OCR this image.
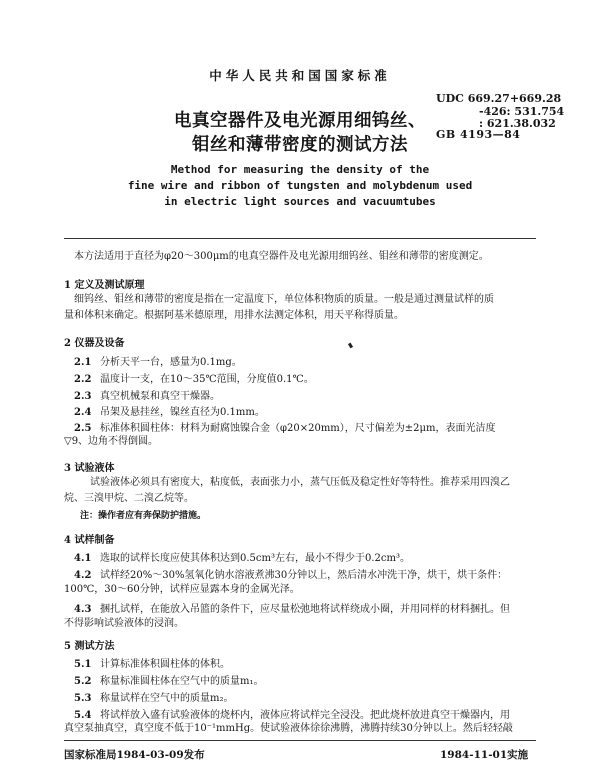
中华人民共和国国家标准
UDC 669.27+669.28
-426: 531.754
: 621.38.032
GB 4193—84
电真空器件及电光源用细钨丝、
钼丝和薄带密度的测试方法
Method for measuring the density of the
fine wire and ribbon of tungsten and molybdenum used
in electric light sources and vacuumtubes
本方法适用于直径为φ20～300μm的电真空器件及电光源用细钨丝、钼丝和薄带的密度测定。
1 定义及测试原理
细钨丝、钼丝和薄带的密度是指在一定温度下，单位体积物质的质量。一般是通过测量试样的质
量和体积来确定。根据阿基米德原理，用排水法测定体积，用天平称得质量。
2 仪器及设备
2.1 分析天平一台，感量为0.1mg。
2.2 温度计一支，在10～35℃范围，分度值0.1℃。
2.3 真空机械泵和真空干燥器。
2.4 吊架及悬挂丝，镍丝直径为0.1mm。
2.5 标准体积圆柱体：材料为耐腐蚀镍合金（φ20×20mm），尺寸偏差为±2μm，表面光洁度
▽9、边角不得倒圆。
3 试验液体
试验液体必须具有密度大，粘度低，表面张力小，蒸气压低及稳定性好等特性。推荐采用四溴乙
烷、三溴甲烷、二溴乙烷等。
注：操作者应有奔保防护措施。
4 试样制备
4.1 选取的试样长度应使其体积达到0.5cm³左右，最小不得少于0.2cm³。
4.2 试样经20%～30%氢氧化钠水溶液煮沸30分钟以上，然后清水冲洗干净，烘干，烘干条件：
100℃，30～60分钟，试样应显露本身的金属光泽。
4.3 捆扎试样，在能放入吊篮的条件下，应尽量松弛地将试样绕成小圈，并用同样的材料捆扎。但
不得影响试验液体的浸润。
5 测试方法
5.1 计算标准体积圆柱体的体积。
5.2 称量标准圆柱体在空气中的质量m₁。
5.3 称量试样在空气中的质量m₂。
5.4 将试样放入盛有试验液体的烧杯内，液体应将试样完全浸没。把此烧杯放进真空干燥器内，用
真空泵抽真空，真空度不低于10⁻¹mmHg。使试验液体徐徐沸腾，沸腾持续30分钟以上。然后轻轻敲
国家标准局1984-03-09发布	1984-11-01实施
